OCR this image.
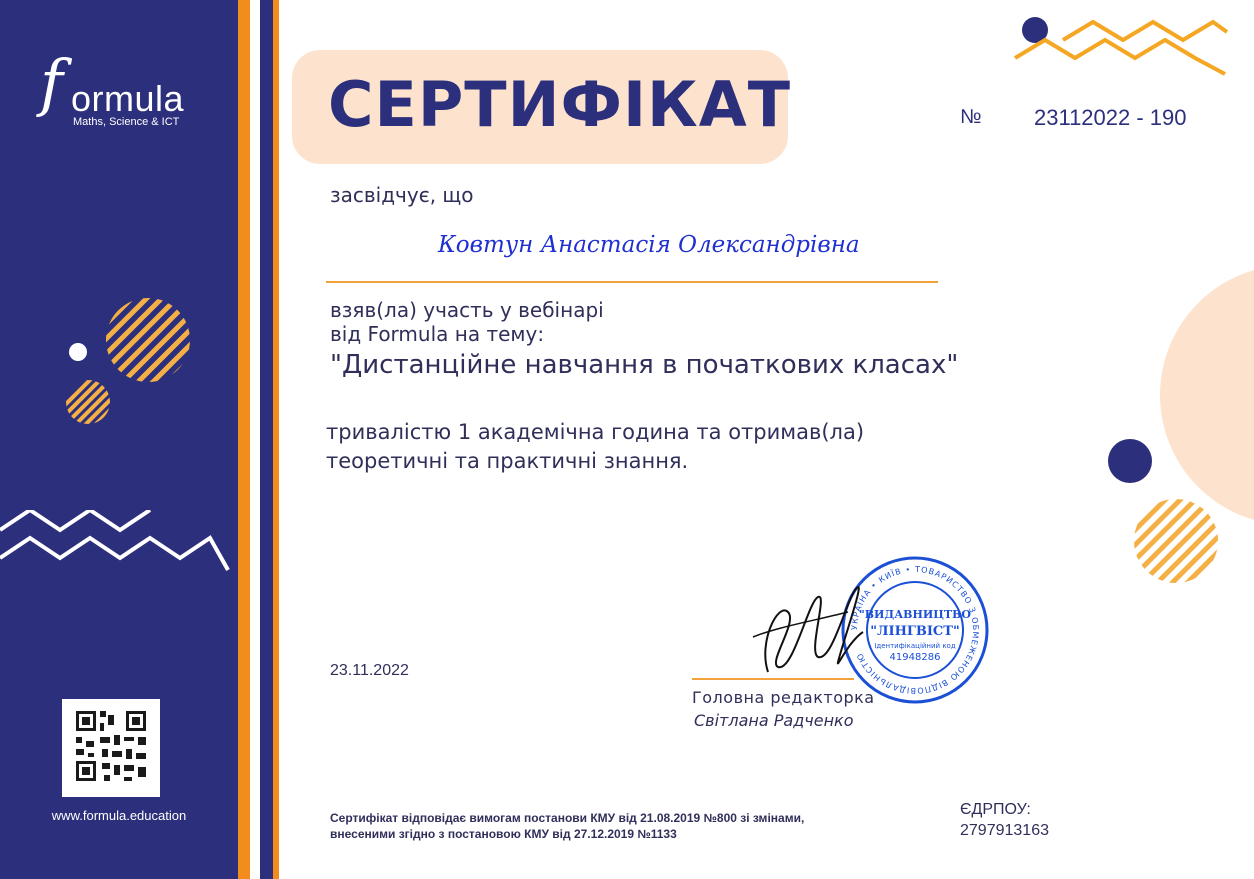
f ormula
Maths, Science & ICT
www.formula.education
СЕРТИФІКАТ	№ 23112022 - 190
засвідчує, що
Ковтун Анастасія Олександрівна
взяв(ла) участь у вебінарі
від Formula на тему:
"Дистанційне навчання в початкових класах"
тривалістю 1 академічна година та отримав(ла)
теоретичні та практичні знання.
23.11.2022
УКРАЇНА • КИЇВ • ТОВАРИСТВО З ОБМЕЖЕНОЮ ВІДПОВІДАЛЬНІСТЮ
"ВИДАВНИЦТВО
"ЛІНГВІСТ"
Ідентифікаційний код
41948286
Головна редакторка
Світлана Радченко
Сертифікат відповідає вимогам постанови КМУ від 21.08.2019 №800 зі змінами,
внесеними згідно з постановою КМУ від 27.12.2019 №1133
ЄДРПОУ:
2797913163
